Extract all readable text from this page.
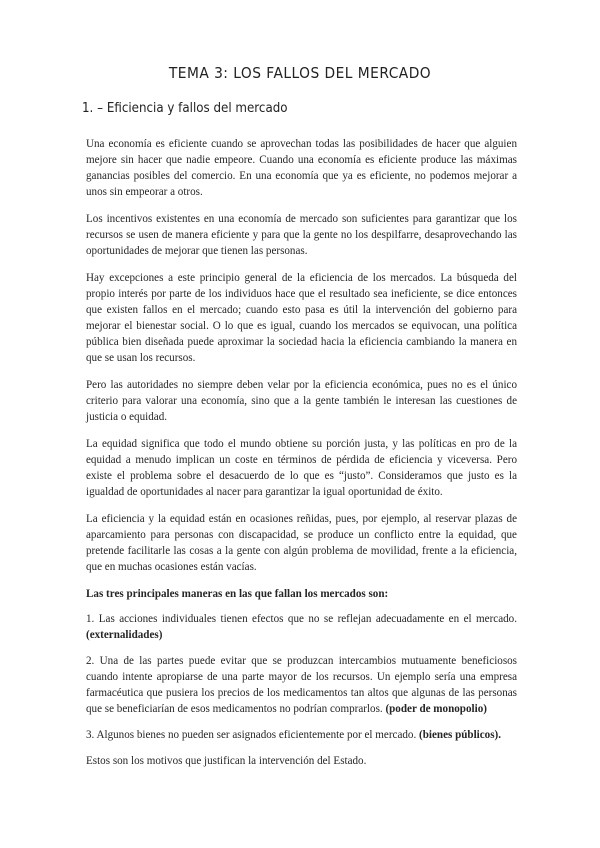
TEMA 3: LOS FALLOS DEL MERCADO
1. – Eficiencia y fallos del mercado

Una economía es eficiente cuando se aprovechan todas las posibilidades de hacer que alguien mejore sin hacer que nadie empeore. Cuando una economía es eficiente produce las máximas ganancias posibles del comercio. En una economía que ya es eficiente, no podemos mejorar a unos sin empeorar a otros.

Los incentivos existentes en una economía de mercado son suficientes para garantizar que los recursos se usen de manera eficiente y para que la gente no los despilfarre, desaprovechando las oportunidades de mejorar que tienen las personas.

Hay excepciones a este principio general de la eficiencia de los mercados. La búsqueda del propio interés por parte de los individuos hace que el resultado sea ineficiente, se dice entonces que existen fallos en el mercado; cuando esto pasa es útil la intervención del gobierno para mejorar el bienestar social. O lo que es igual, cuando los mercados se equivocan, una política pública bien diseñada puede aproximar la sociedad hacia la eficiencia cambiando la manera en que se usan los recursos.

Pero las autoridades no siempre deben velar por la eficiencia económica, pues no es el único criterio para valorar una economía, sino que a la gente también le interesan las cuestiones de justicia o equidad.

La equidad significa que todo el mundo obtiene su porción justa, y las políticas en pro de la equidad a menudo implican un coste en términos de pérdida de eficiencia y viceversa. Pero existe el problema sobre el desacuerdo de lo que es “justo”. Consideramos que justo es la igualdad de oportunidades al nacer para garantizar la igual oportunidad de éxito.

La eficiencia y la equidad están en ocasiones reñidas, pues, por ejemplo, al reservar plazas de aparcamiento para personas con discapacidad, se produce un conflicto entre la equidad, que pretende facilitarle las cosas a la gente con algún problema de movilidad, frente a la eficiencia, que en muchas ocasiones están vacías.

Las tres principales maneras en las que fallan los mercados son:

1. Las acciones individuales tienen efectos que no se reflejan adecuadamente en el mercado. (externalidades)

2. Una de las partes puede evitar que se produzcan intercambios mutuamente beneficiosos cuando intente apropiarse de una parte mayor de los recursos. Un ejemplo sería una empresa farmacéutica que pusiera los precios de los medicamentos tan altos que algunas de las personas que se beneficiarían de esos medicamentos no podrían comprarlos. (poder de monopolio)

3. Algunos bienes no pueden ser asignados eficientemente por el mercado. (bienes públicos).

Estos son los motivos que justifican la intervención del Estado.
